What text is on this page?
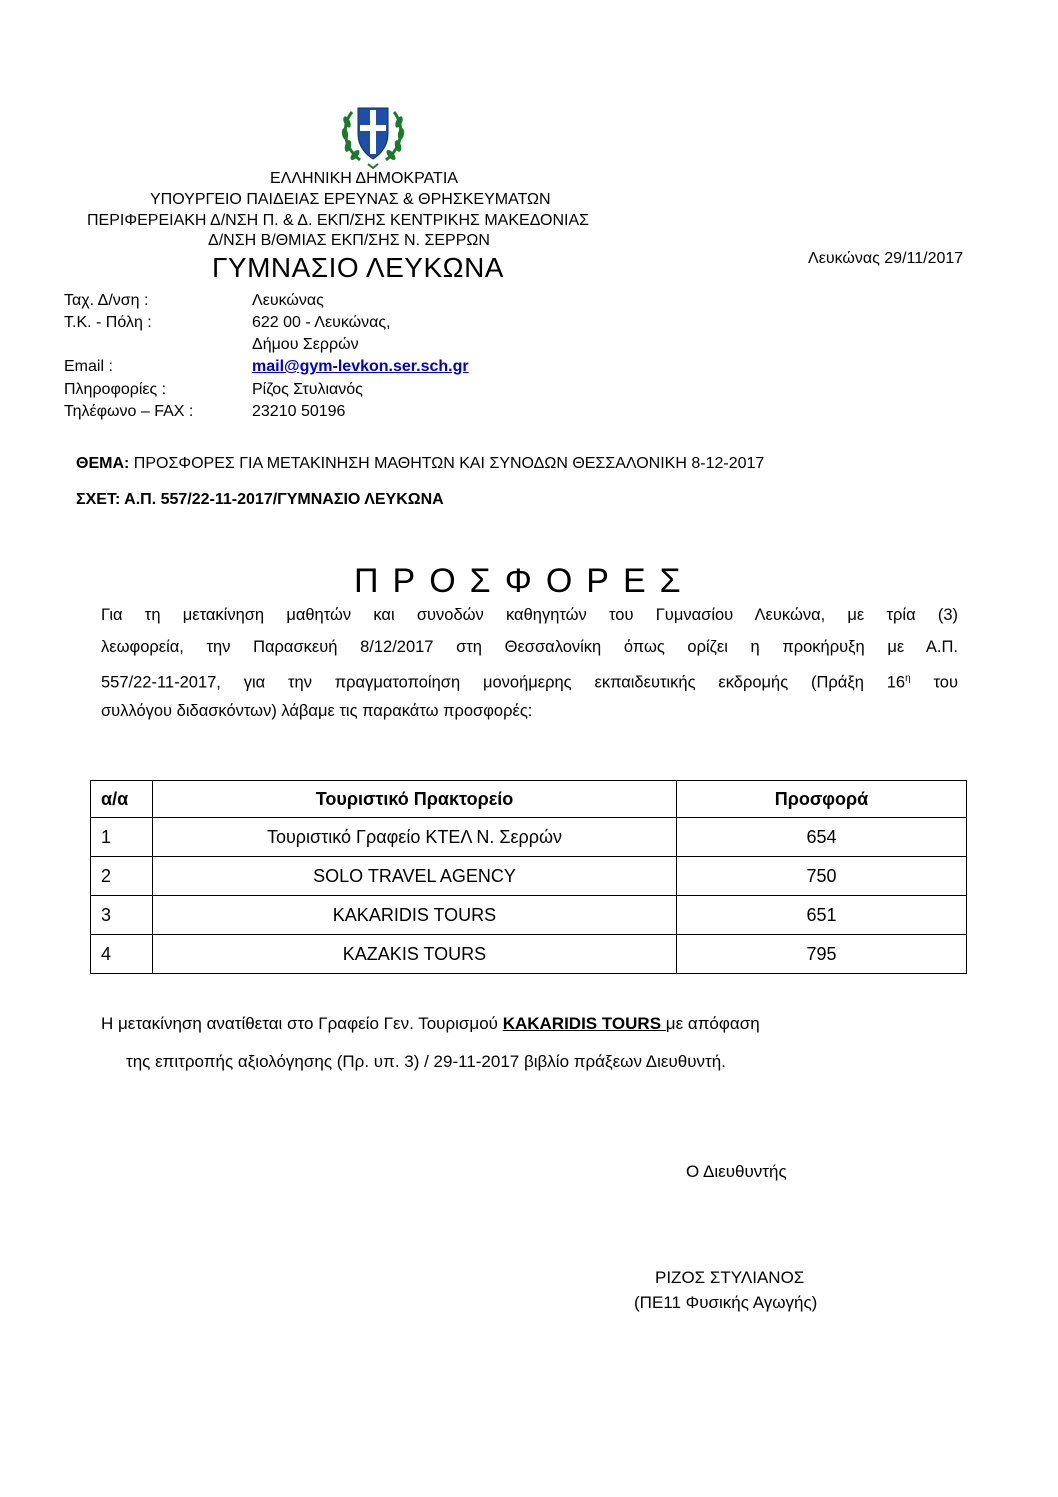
ΕΛΛΗΝΙΚΗ ΔΗΜΟΚΡΑΤΙΑ
ΥΠΟΥΡΓΕΙΟ ΠΑΙΔΕΙΑΣ ΕΡΕΥΝΑΣ & ΘΡΗΣΚΕΥΜΑΤΩΝ
ΠΕΡΙΦΕΡΕΙΑΚΗ Δ/ΝΣΗ Π. & Δ. ΕΚΠ/ΣΗΣ ΚΕΝΤΡΙΚΗΣ ΜΑΚΕΔΟΝΙΑΣ
Δ/ΝΣΗ Β/ΘΜΙΑΣ ΕΚΠ/ΣΗΣ Ν. ΣΕΡΡΩΝ
ΓΥΜΝΑΣΙΟ ΛΕΥΚΩΝΑ	Λευκώνας 29/11/2017
Ταχ. Δ/νση :	Λευκώνας
Τ.Κ. - Πόλη :	622 00 - Λευκώνας,
Δήμου Σερρών
Email :	mail@gym-levkon.ser.sch.gr
Πληροφορίες :	Ρίζος Στυλιανός
Τηλέφωνο – FAX :	23210 50196
ΘΕΜΑ: ΠΡΟΣΦΟΡΕΣ ΓΙΑ ΜΕΤΑΚΙΝΗΣΗ ΜΑΘΗΤΩΝ ΚΑΙ ΣΥΝΟΔΩΝ ΘΕΣΣΑΛΟΝΙΚΗ 8-12-2017
ΣΧΕΤ: Α.Π. 557/22-11-2017/ΓΥΜΝΑΣΙΟ ΛΕΥΚΩΝΑ
ΠΡΟΣΦΟΡΕΣ
Για τη μετακίνηση μαθητών και συνοδών καθηγητών του Γυμνασίου Λευκώνα, με τρία (3)
λεωφορεία, την Παρασκευή 8/12/2017 στη Θεσσαλονίκη όπως ορίζει η προκήρυξη με Α.Π.
557/22-11-2017, για την πραγματοποίηση μονοήμερης εκπαιδευτικής εκδρομής (Πράξη $16^\eta$ του
συλλόγου διδασκόντων) λάβαμε τις παρακάτω προσφορές:
α/α	Τουριστικό Πρακτορείο	Προσφορά
1	Τουριστικό Γραφείο ΚΤΕΛ Ν. Σερρών	654
2	SOLO TRAVEL AGENCY	750
3	KAKARIDIS TOURS	651
4	KAZAKIS TOURS	795
Η μετακίνηση ανατίθεται στο Γραφείο Γεν. Τουρισμού KAKARIDIS TOURS με απόφαση
της επιτροπής αξιολόγησης (Πρ. υπ. 3) / 29-11-2017 βιβλίο πράξεων Διευθυντή.
Ο Διευθυντής
ΡΙΖΟΣ ΣΤΥΛΙΑΝΟΣ
(ΠΕ11 Φυσικής Αγωγής)
